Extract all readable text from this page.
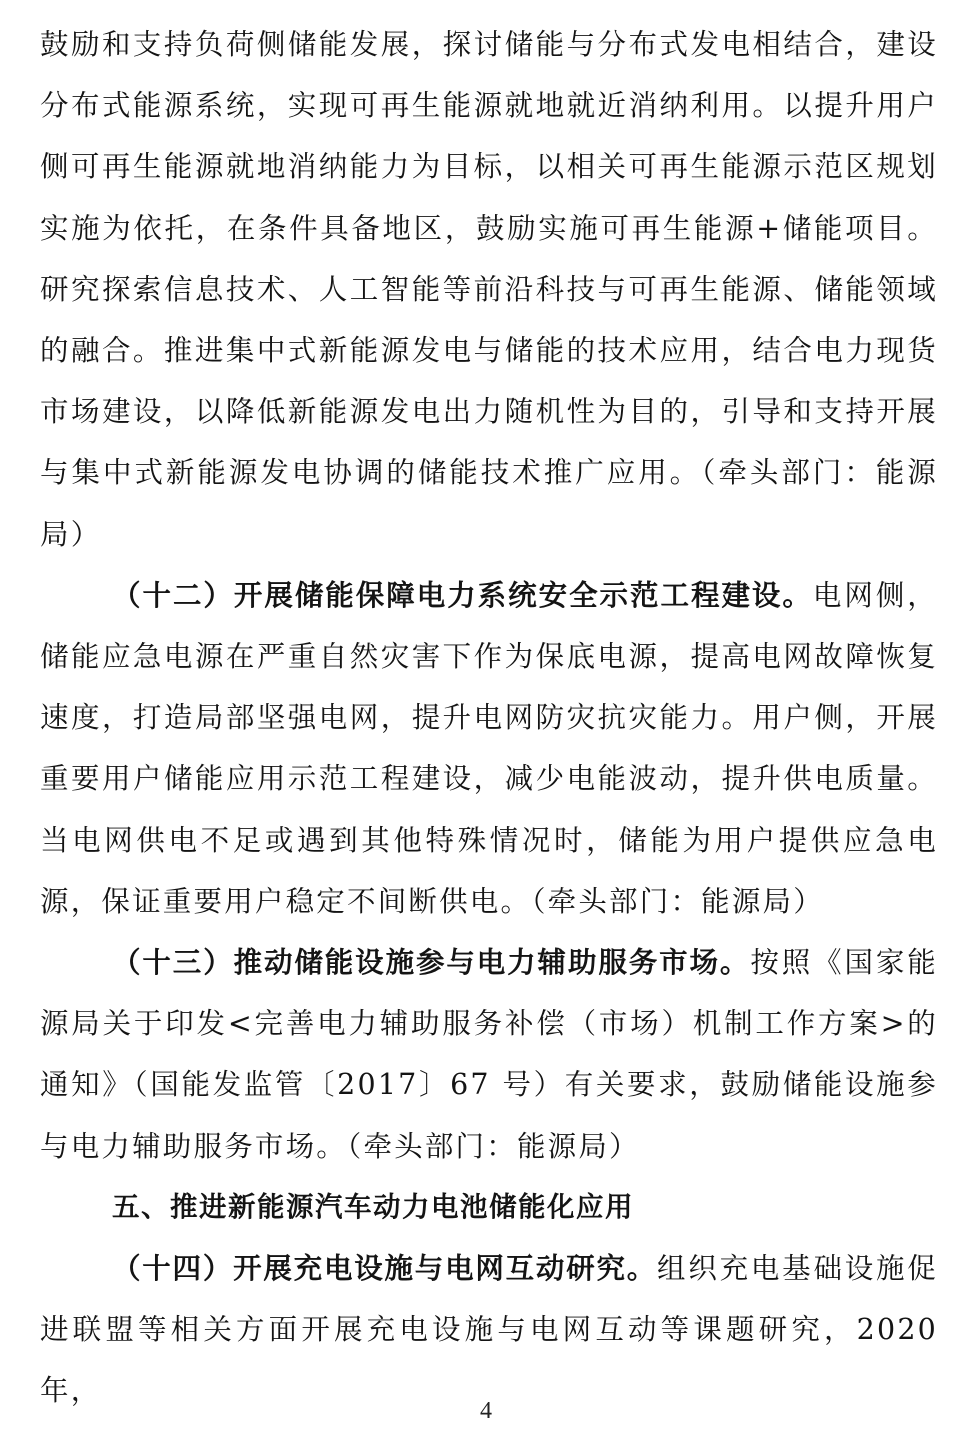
鼓励和支持负荷侧储能发展，探讨储能与分布式发电相结合，建设分布式能源系统，实现可再生能源就地就近消纳利用。以提升用户侧可再生能源就地消纳能力为目标，以相关可再生能源示范区规划实施为依托，在条件具备地区，鼓励实施可再生能源+储能项目。研究探索信息技术、人工智能等前沿科技与可再生能源、储能领域的融合。推进集中式新能源发电与储能的技术应用，结合电力现货市场建设，以降低新能源发电出力随机性为目的，引导和支持开展与集中式新能源发电协调的储能技术推广应用。（牵头部门：能源局）

（十二）开展储能保障电力系统安全示范工程建设。电网侧，储能应急电源在严重自然灾害下作为保底电源，提高电网故障恢复速度，打造局部坚强电网，提升电网防灾抗灾能力。用户侧，开展重要用户储能应用示范工程建设，减少电能波动，提升供电质量。当电网供电不足或遇到其他特殊情况时，储能为用户提供应急电源，保证重要用户稳定不间断供电。（牵头部门：能源局）

（十三）推动储能设施参与电力辅助服务市场。按照《国家能源局关于印发<完善电力辅助服务补偿（市场）机制工作方案>的通知》（国能发监管〔2017〕67 号）有关要求，鼓励储能设施参与电力辅助服务市场。（牵头部门：能源局）

五、推进新能源汽车动力电池储能化应用

（十四）开展充电设施与电网互动研究。组织充电基础设施促进联盟等相关方面开展充电设施与电网互动等课题研究，2020 年，

4
